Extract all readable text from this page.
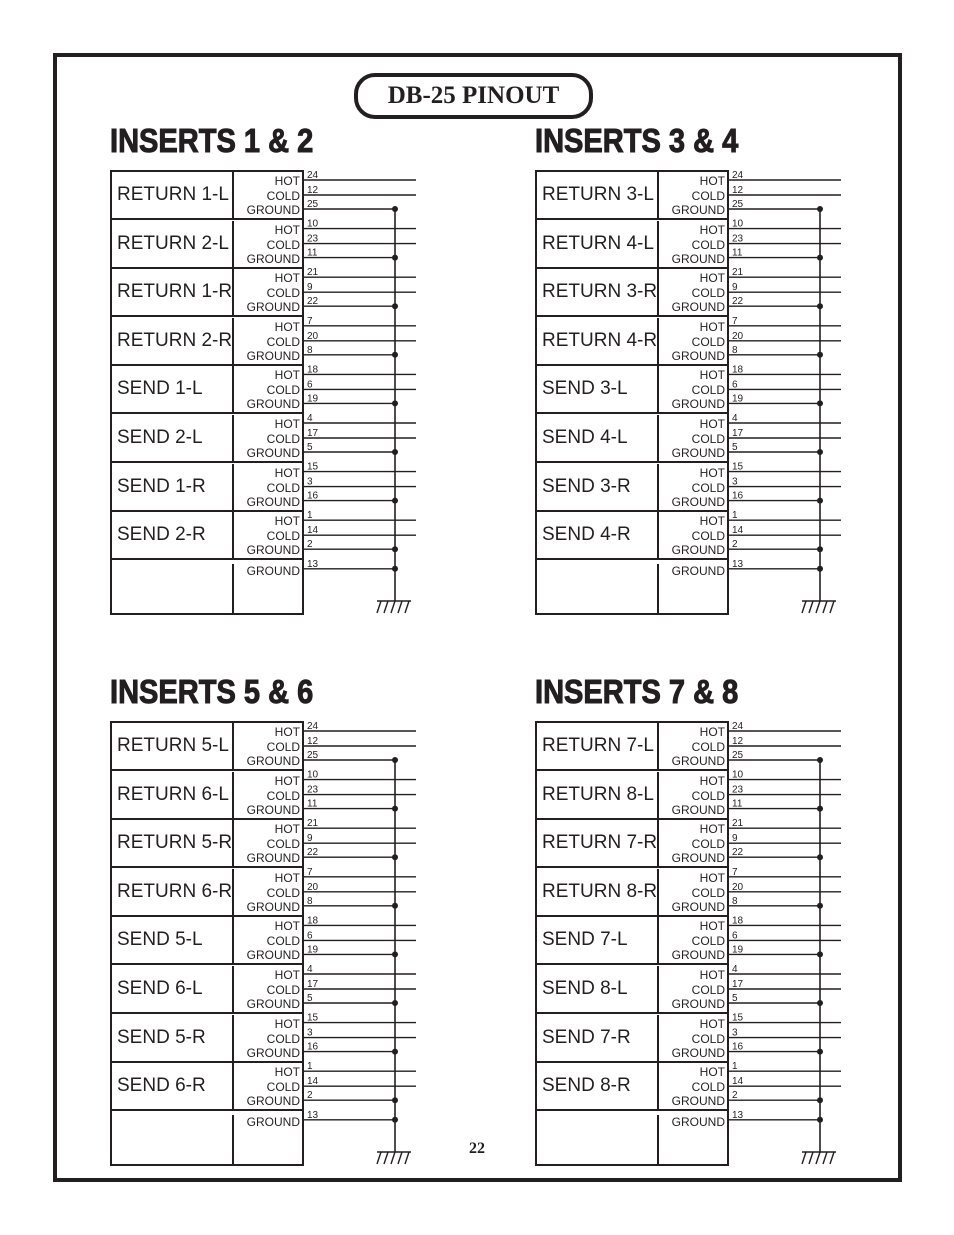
DB-25 PINOUT
INSERTS 1 & 2
RETURN 1-L
HOT
COLD
GROUND
RETURN 2-L
HOT
COLD
GROUND
RETURN 1-R
HOT
COLD
GROUND
RETURN 2-R
HOT
COLD
GROUND
SEND 1-L
HOT
COLD
GROUND
SEND 2-L
HOT
COLD
GROUND
SEND 1-R
HOT
COLD
GROUND
SEND 2-R
HOT
COLD
GROUND
GROUND
24
12
25
10
23
11
21
9
22
7
20
8
18
6
19
4
17
5
15
3
16
1
14
2
13
INSERTS 3 & 4
RETURN 3-L
HOT
COLD
GROUND
RETURN 4-L
HOT
COLD
GROUND
RETURN 3-R
HOT
COLD
GROUND
RETURN 4-R
HOT
COLD
GROUND
SEND 3-L
HOT
COLD
GROUND
SEND 4-L
HOT
COLD
GROUND
SEND 3-R
HOT
COLD
GROUND
SEND 4-R
HOT
COLD
GROUND
GROUND
24
12
25
10
23
11
21
9
22
7
20
8
18
6
19
4
17
5
15
3
16
1
14
2
13
INSERTS 5 & 6
RETURN 5-L
HOT
COLD
GROUND
RETURN 6-L
HOT
COLD
GROUND
RETURN 5-R
HOT
COLD
GROUND
RETURN 6-R
HOT
COLD
GROUND
SEND 5-L
HOT
COLD
GROUND
SEND 6-L
HOT
COLD
GROUND
SEND 5-R
HOT
COLD
GROUND
SEND 6-R
HOT
COLD
GROUND
GROUND
24
12
25
10
23
11
21
9
22
7
20
8
18
6
19
4
17
5
15
3
16
1
14
2
13
INSERTS 7 & 8
RETURN 7-L
HOT
COLD
GROUND
RETURN 8-L
HOT
COLD
GROUND
RETURN 7-R
HOT
COLD
GROUND
RETURN 8-R
HOT
COLD
GROUND
SEND 7-L
HOT
COLD
GROUND
SEND 8-L
HOT
COLD
GROUND
SEND 7-R
HOT
COLD
GROUND
SEND 8-R
HOT
COLD
GROUND
GROUND
24
12
25
10
23
11
21
9
22
7
20
8
18
6
19
4
17
5
15
3
16
1
14
2
13
22
